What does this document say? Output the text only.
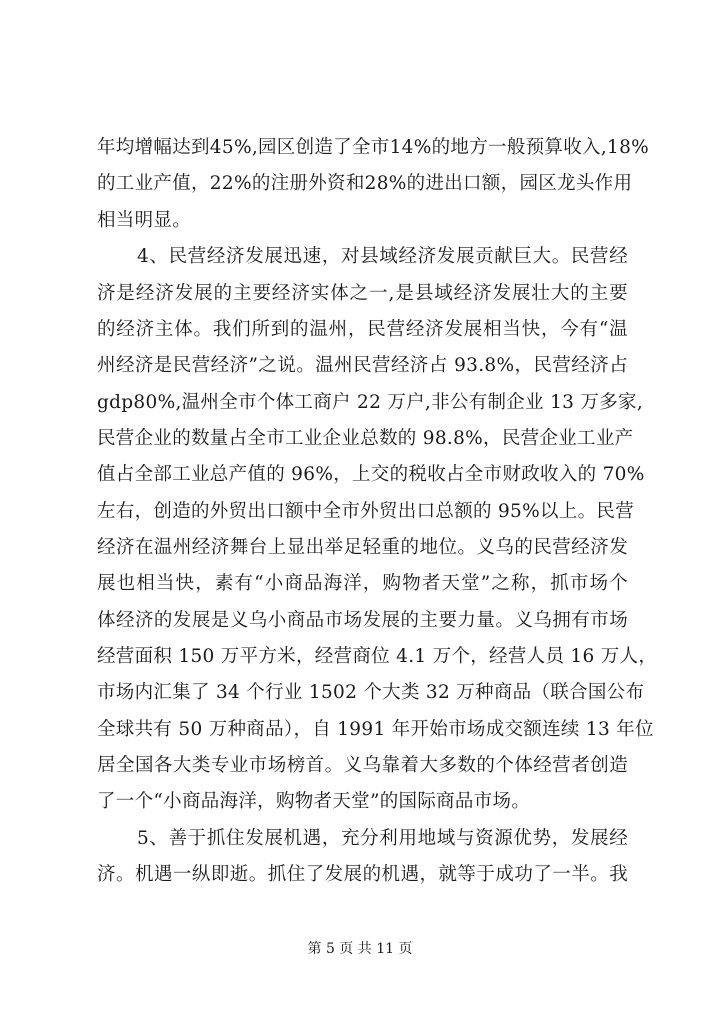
年均增幅达到45%,园区创造了全市14%的地方一般预算收入,18%
的工业产值，22%的注册外资和28%的进出口额，园区龙头作用
相当明显。
4、民营经济发展迅速，对县域经济发展贡献巨大。民营经
济是经济发展的主要经济实体之一,是县域经济发展壮大的主要
的经济主体。我们所到的温州，民营经济发展相当快，今有“温
州经济是民营经济”之说。温州民营经济占 93.8%，民营经济占
gdp80%,温州全市个体工商户 22 万户,非公有制企业 13 万多家,
民营企业的数量占全市工业企业总数的 98.8%，民营企业工业产
值占全部工业总产值的 96%，上交的税收占全市财政收入的 70%
左右，创造的外贸出口额中全市外贸出口总额的 95%以上。民营
经济在温州经济舞台上显出举足轻重的地位。义乌的民营经济发
展也相当快，素有“小商品海洋，购物者天堂”之称，抓市场个
体经济的发展是义乌小商品市场发展的主要力量。义乌拥有市场
经营面积 150 万平方米，经营商位 4.1 万个，经营人员 16 万人，
市场内汇集了 34 个行业 1502 个大类 32 万种商品（联合国公布
全球共有 50 万种商品），自 1991 年开始市场成交额连续 13 年位
居全国各大类专业市场榜首。义乌靠着大多数的个体经营者创造
了一个“小商品海洋，购物者天堂”的国际商品市场。
5、善于抓住发展机遇，充分利用地域与资源优势，发展经
济。机遇一纵即逝。抓住了发展的机遇，就等于成功了一半。我
第 5 页 共 11 页
